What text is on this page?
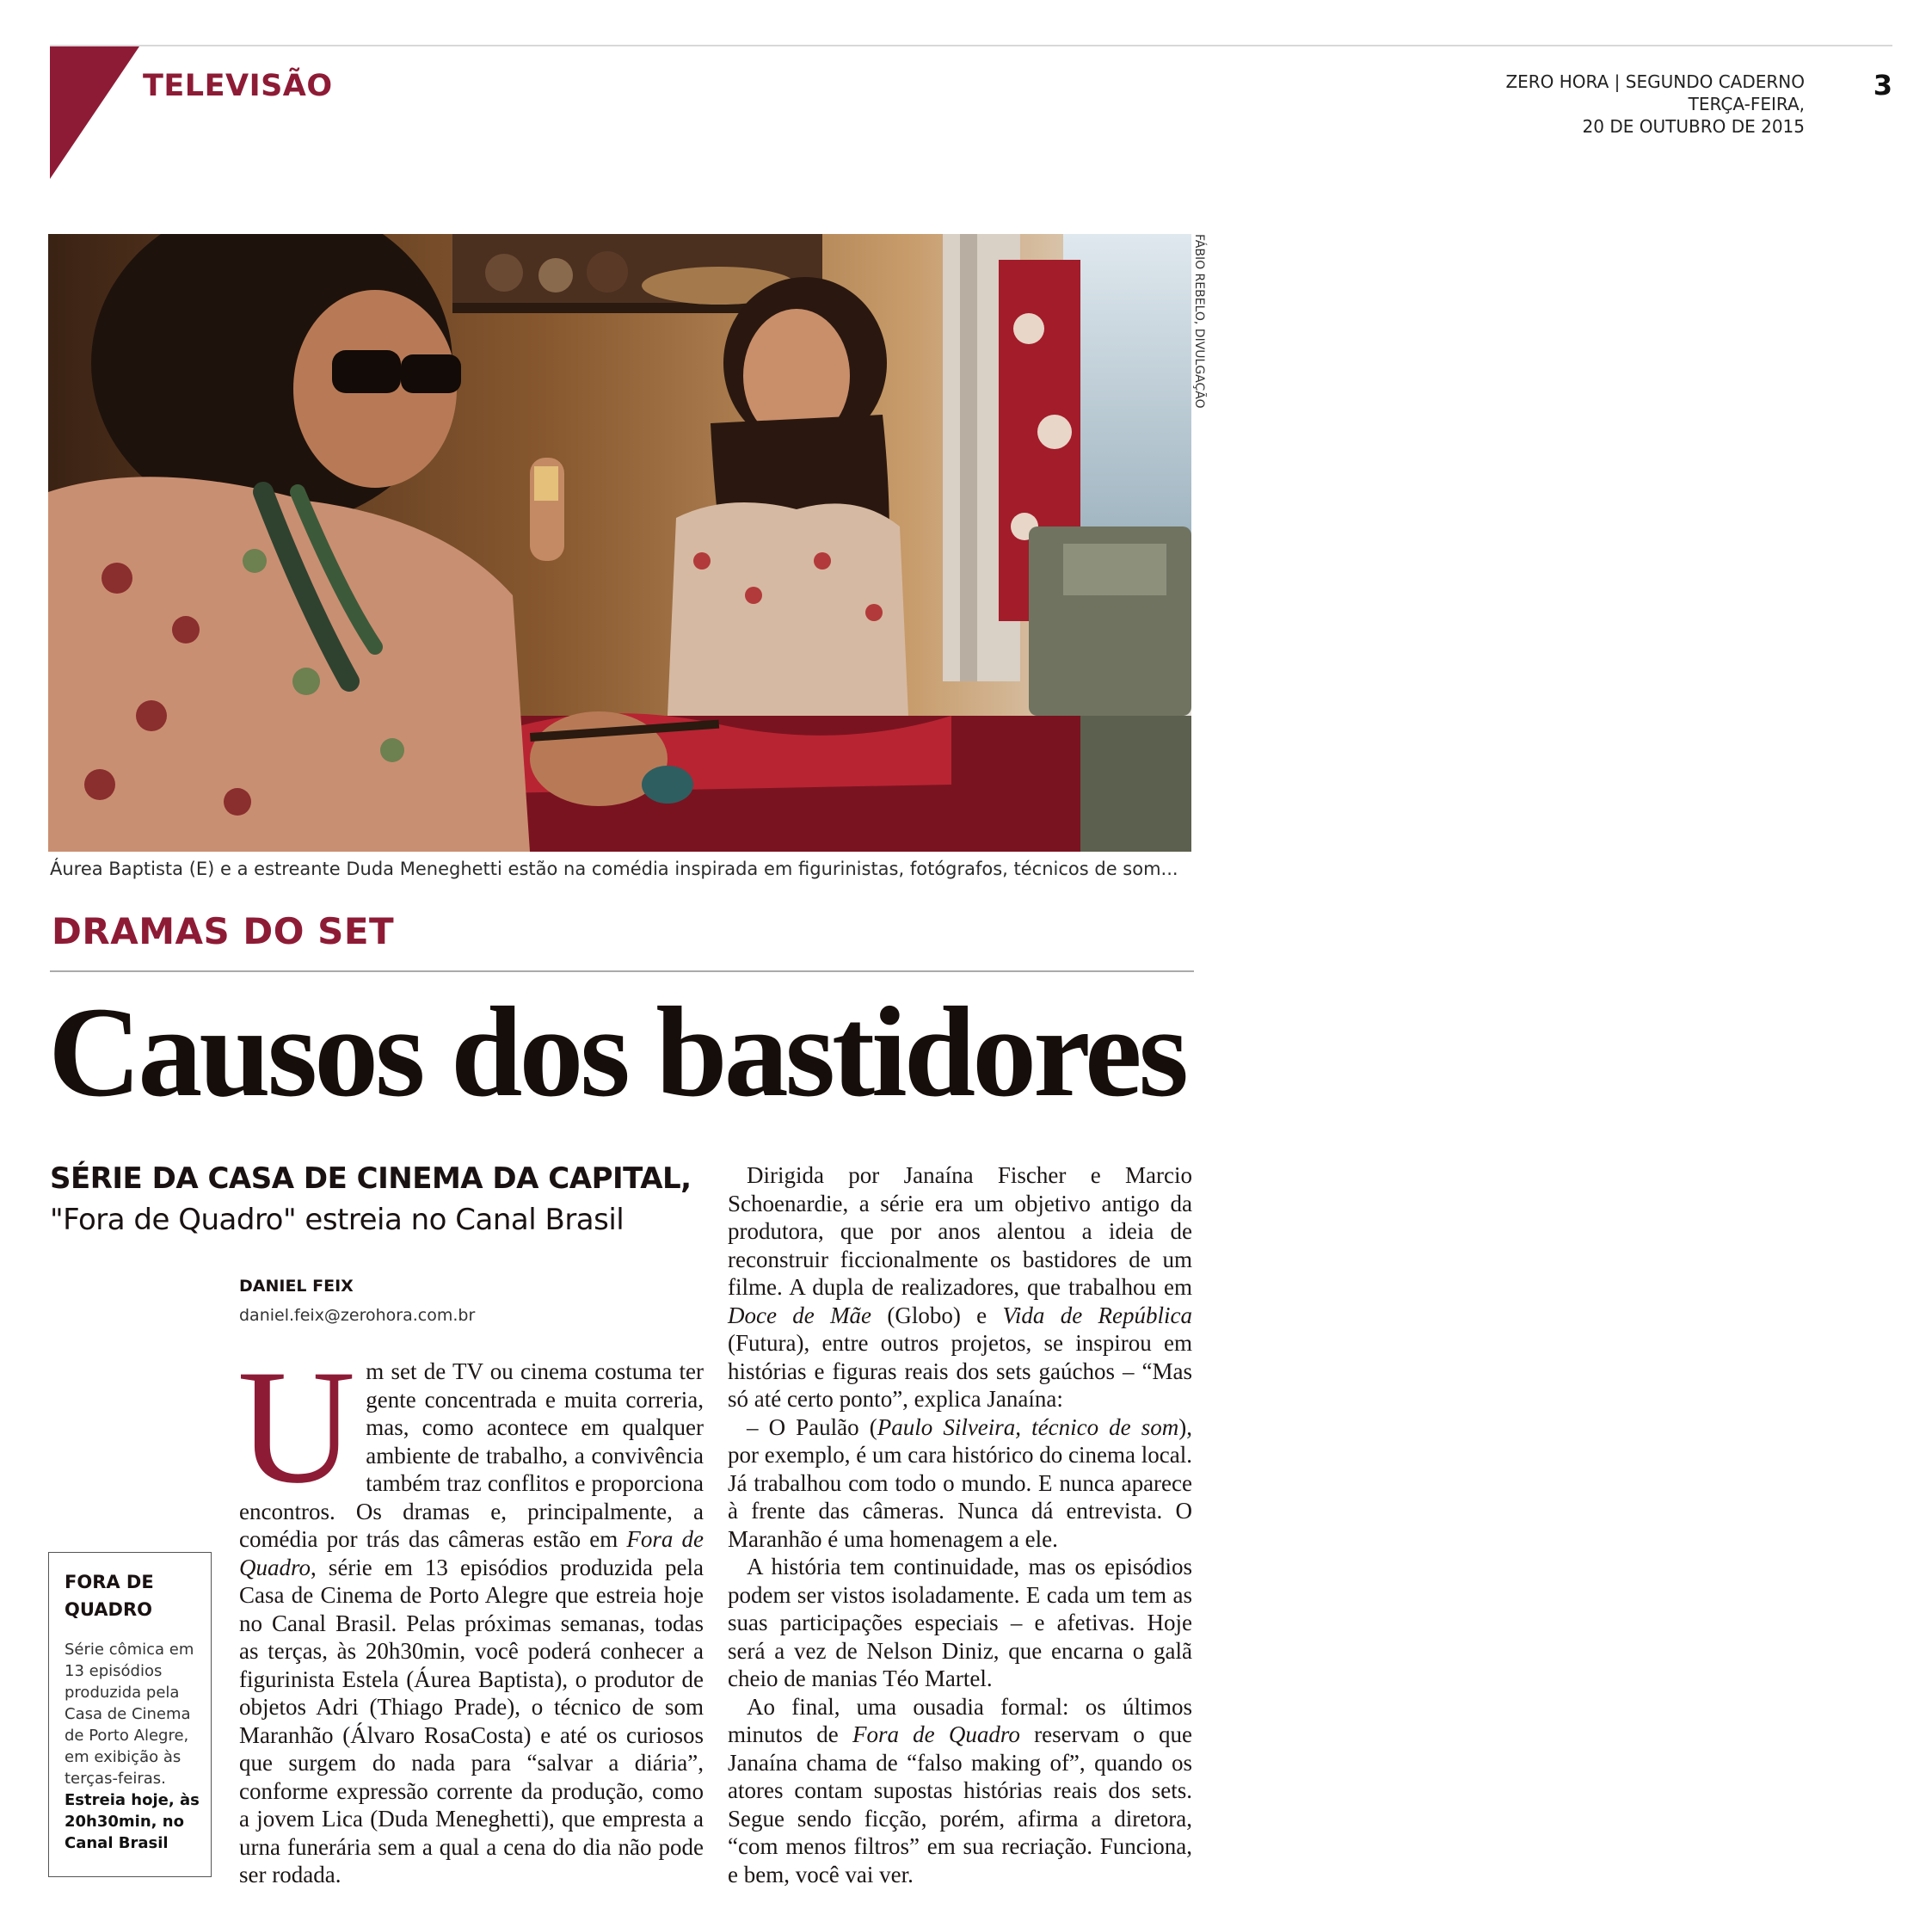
TELEVISÃO	ZERO HORA | SEGUNDO CADERNO
TERÇA-FEIRA,
20 DE OUTUBRO DE 2015
3
FÁBIO REBELO, DIVULGAÇÃO
Áurea Baptista (E) e a estreante Duda Meneghetti estão na comédia inspirada em figurinistas, fotógrafos, técnicos de som...
DRAMAS DO SET
Causos dos bastidores
SÉRIE DA CASA DE CINEMA DA CAPITAL,
"Fora de Quadro" estreia no Canal Brasil
DANIEL FEIX
daniel.feix@zerohora.com.br

Um set de TV ou cinema costuma ter gente concentrada e muita correria, mas, como acontece em qualquer ambiente de trabalho, a convivência também traz conflitos e proporciona encontros. Os dramas e, principalmente, a comédia por trás das câmeras estão em Fora de Quadro, série em 13 episódios produzida pela Casa de Cinema de Porto Alegre que estreia hoje no Canal Brasil. Pelas próximas semanas, todas as terças, às 20h30min, você poderá conhecer a figurinista Estela (Áurea Baptista), o produtor de objetos Adri (Thiago Prade), o técnico de som Maranhão (Álvaro RosaCosta) e até os curiosos que surgem do nada para “salvar a diária”, conforme expressão corrente da produção, como a jovem Lica (Duda Meneghetti), que empresta a urna funerária sem a qual a cena do dia não pode ser rodada.

Dirigida por Janaína Fischer e Marcio Schoenardie, a série era um objetivo antigo da produtora, que por anos alentou a ideia de reconstruir ficcionalmente os bastidores de um filme. A dupla de realizadores, que trabalhou em Doce de Mãe (Globo) e Vida de República (Futura), entre outros projetos, se inspirou em histórias e figuras reais dos sets gaúchos – “Mas só até certo ponto”, explica Janaína:

– O Paulão (Paulo Silveira, técnico de som), por exemplo, é um cara histórico do cinema local. Já trabalhou com todo o mundo. E nunca aparece à frente das câmeras. Nunca dá entrevista. O Maranhão é uma homenagem a ele.

A história tem continuidade, mas os episódios podem ser vistos isoladamente. E cada um tem as suas participações especiais – e afetivas. Hoje será a vez de Nelson Diniz, que encarna o galã cheio de manias Téo Martel.

Ao final, uma ousadia formal: os últimos minutos de Fora de Quadro reservam o que Janaína chama de “falso making of”, quando os atores contam supostas histórias reais dos sets. Segue sendo ficção, porém, afirma a diretora, “com menos filtros” em sua recriação. Funciona, e bem, você vai ver.

FORA DE QUADRO
Série cômica em 13 episódios produzida pela Casa de Cinema de Porto Alegre, em exibição às terças-feiras.
Estreia hoje, às 20h30min, no Canal Brasil
